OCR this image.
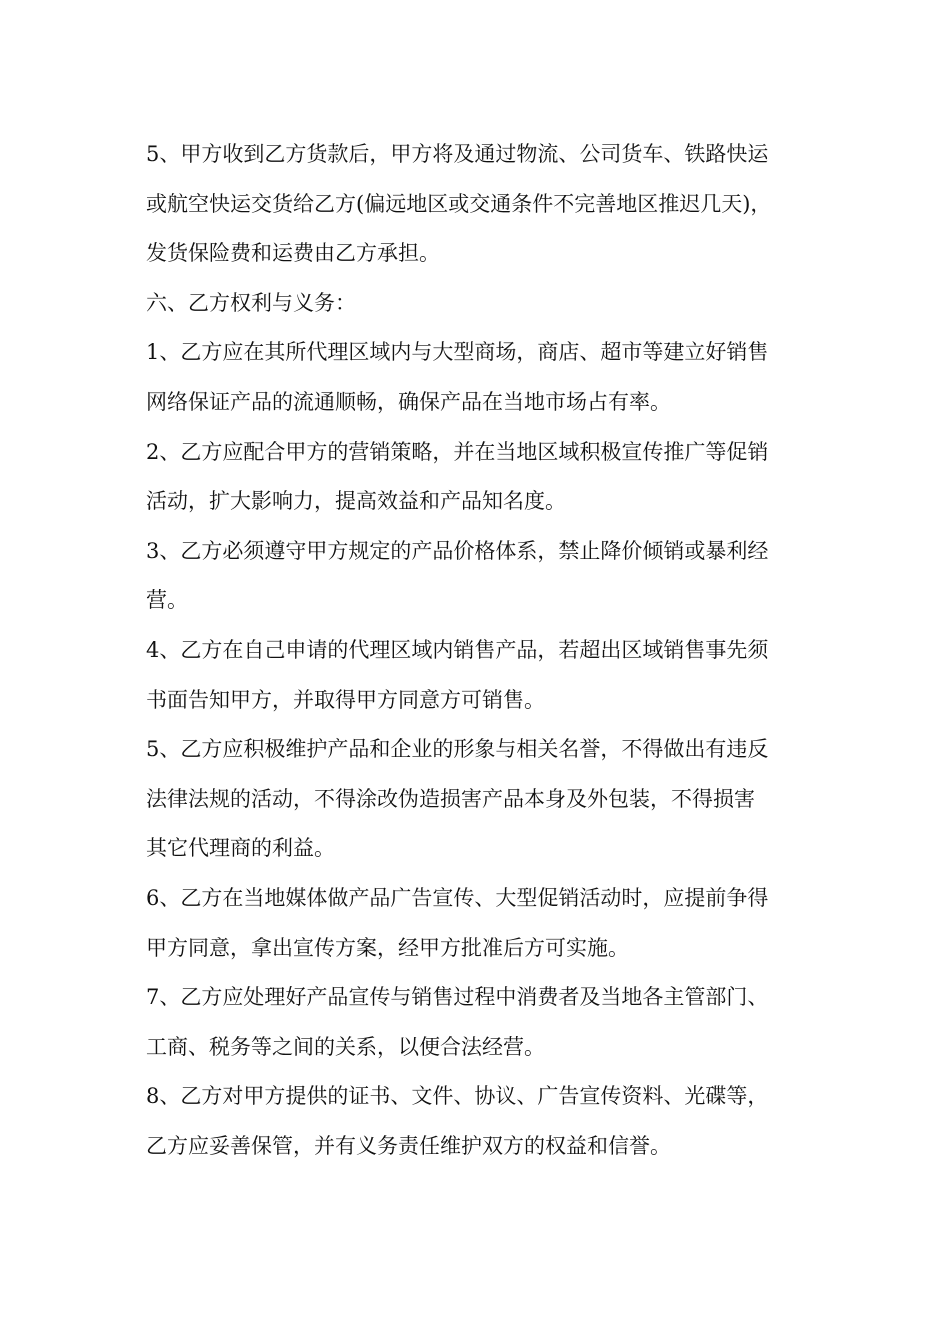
5、甲方收到乙方货款后，甲方将及通过物流、公司货车、铁路快运
或航空快运交货给乙方(偏远地区或交通条件不完善地区推迟几天)，
发货保险费和运费由乙方承担。

六、乙方权利与义务：

1、乙方应在其所代理区域内与大型商场，商店、超市等建立好销售
网络保证产品的流通顺畅，确保产品在当地市场占有率。

2、乙方应配合甲方的营销策略，并在当地区域积极宣传推广等促销
活动，扩大影响力，提高效益和产品知名度。

3、乙方必须遵守甲方规定的产品价格体系，禁止降价倾销或暴利经
营。

4、乙方在自己申请的代理区域内销售产品，若超出区域销售事先须
书面告知甲方，并取得甲方同意方可销售。

5、乙方应积极维护产品和企业的形象与相关名誉，不得做出有违反
法律法规的活动，不得涂改伪造损害产品本身及外包装，不得损害
其它代理商的利益。

6、乙方在当地媒体做产品广告宣传、大型促销活动时，应提前争得
甲方同意，拿出宣传方案，经甲方批准后方可实施。

7、乙方应处理好产品宣传与销售过程中消费者及当地各主管部门、
工商、税务等之间的关系，以便合法经营。

8、乙方对甲方提供的证书、文件、协议、广告宣传资料、光碟等，
乙方应妥善保管，并有义务责任维护双方的权益和信誉。
